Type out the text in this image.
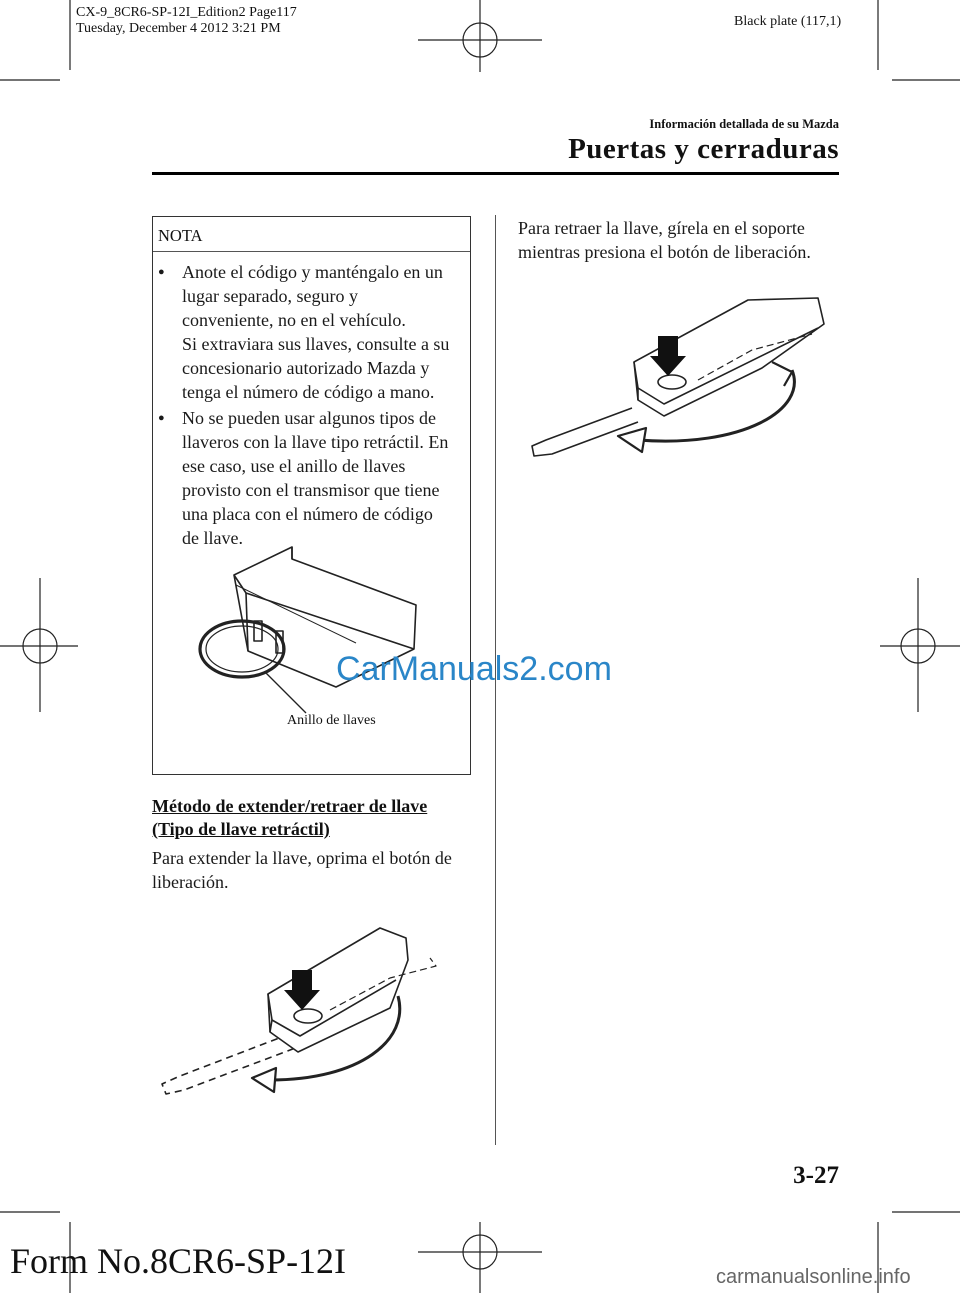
CX-9_8CR6-SP-12I_Edition2 Page117
Tuesday, December 4 2012 3:21 PM	Black plate (117,1)
Información detallada de su Mazda
Puertas y cerraduras
NOTA
● Anote el código y manténgalo en un
lugar separado, seguro y
conveniente, no en el vehículo.
Si extraviara sus llaves, consulte a su
concesionario autorizado Mazda y
tenga el número de código a mano.
● No se pueden usar algunos tipos de
llaveros con la llave tipo retráctil. En
ese caso, use el anillo de llaves
provisto con el transmisor que tiene
una placa con el número de código
de llave.
Anillo de llaves
CarManuals2.com
Método de extender/retraer de llave
(Tipo de llave retráctil)
Para extender la llave, oprima el botón de
liberación.
Para retraer la llave, gírela en el soporte
mientras presiona el botón de liberación.
3-27
Form No.8CR6-SP-12I	carmanualsonline.info
